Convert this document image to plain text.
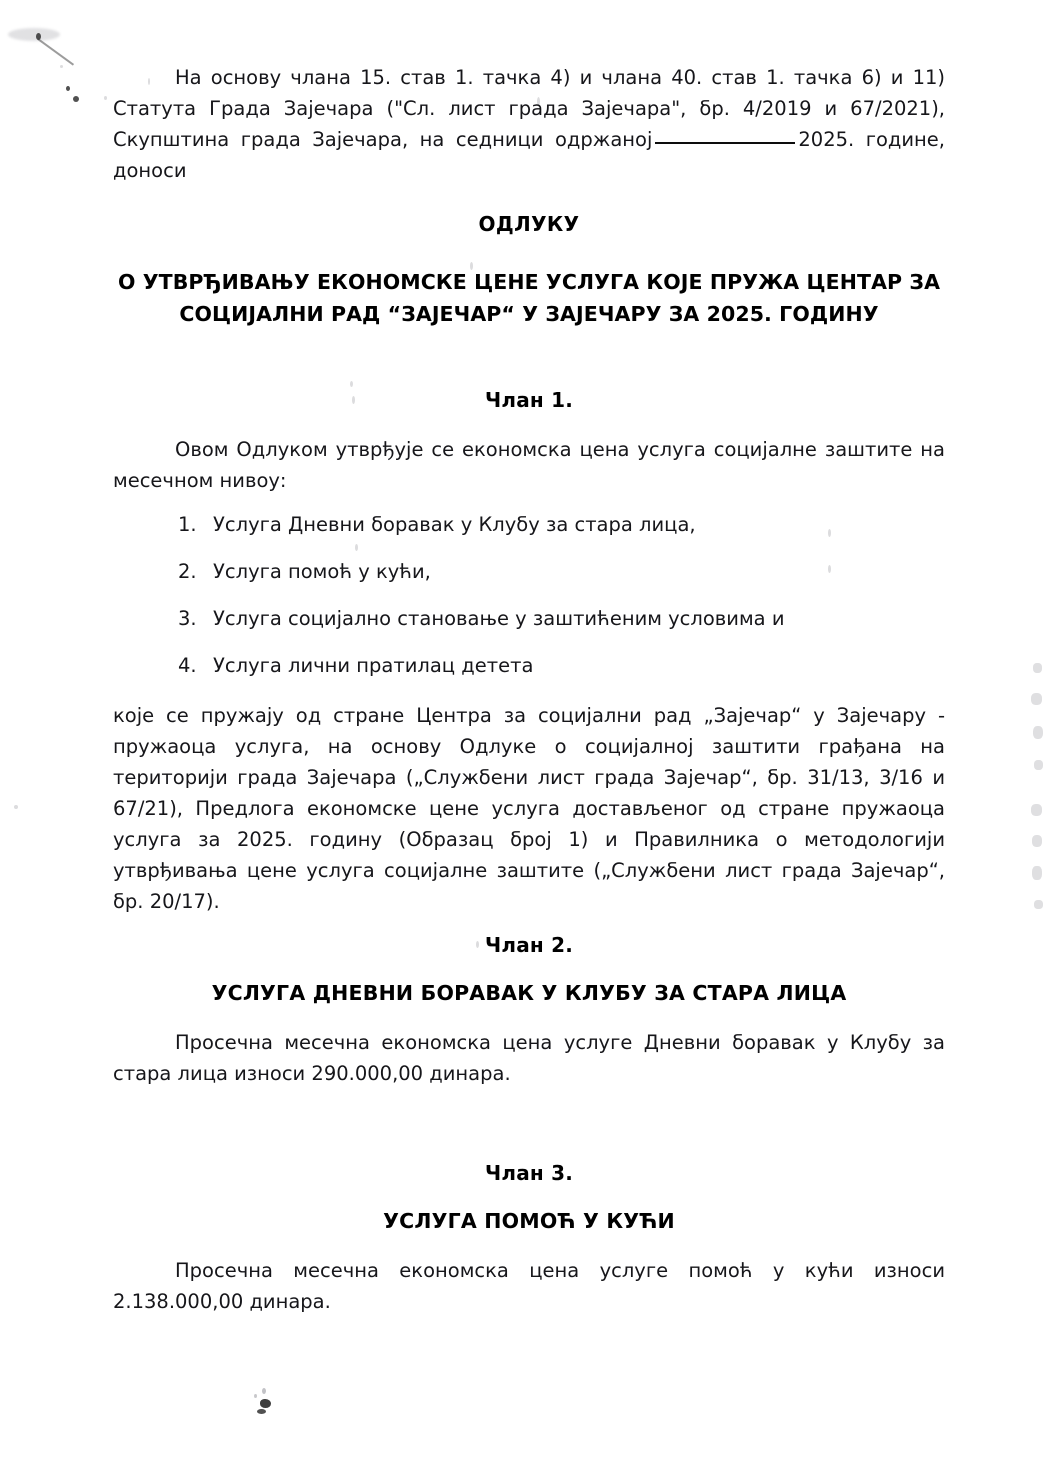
На основу члана 15. став 1. тачка 4) и члана 40. став 1. тачка 6) и 11) Статута Града Зајечара ("Сл. лист града Зајечара", бр. 4/2019 и 67/2021), Скупштина града Зајечара, на седници одржаној	2025. године, доноси

ОДЛУКУ
О УТВРЂИВАЊУ ЕКОНОМСКЕ ЦЕНЕ УСЛУГА КОЈЕ ПРУЖА ЦЕНТАР ЗА
СОЦИЈАЛНИ РАД “ЗАЈЕЧАР“ У ЗАЈЕЧАРУ ЗА 2025. ГОДИНУ
Члан 1.

Овом Одлуком утврђује се економска цена услуга социјалне заштите на месечном нивоу:

1. Услуга Дневни боравак у Клубу за стара лица,
2. Услуга помоћ у кући,
3. Услуга социјално становање у заштићеним условима и
4. Услуга лични пратилац детета

које се пружају од стране Центра за социјални рад „Зајечар“ у Зајечару - пружаоца услуга, на основу Одлуке о социјалној заштити грађана на територији града Зајечара („Службени лист града Зајечар“, бр. 31/13, 3/16 и 67/21), Предлога економске цене услуга достављеног од стране пружаоца услуга за 2025. годину (Образац број 1) и Правилника о методологији утврђивања цене услуга социјалне заштите („Службени лист града Зајечар“, бр. 20/17).

Члан 2.
УСЛУГА ДНЕВНИ БОРАВАК У КЛУБУ ЗА СТАРА ЛИЦА

Просечна месечна економска цена услуге Дневни боравак у Клубу за стара лица износи 290.000,00 динара.

Члан 3.
УСЛУГА ПОМОЋ У КУЋИ

Просечна месечна економска цена услуге помоћ у кући износи 2.138.000,00 динара.
